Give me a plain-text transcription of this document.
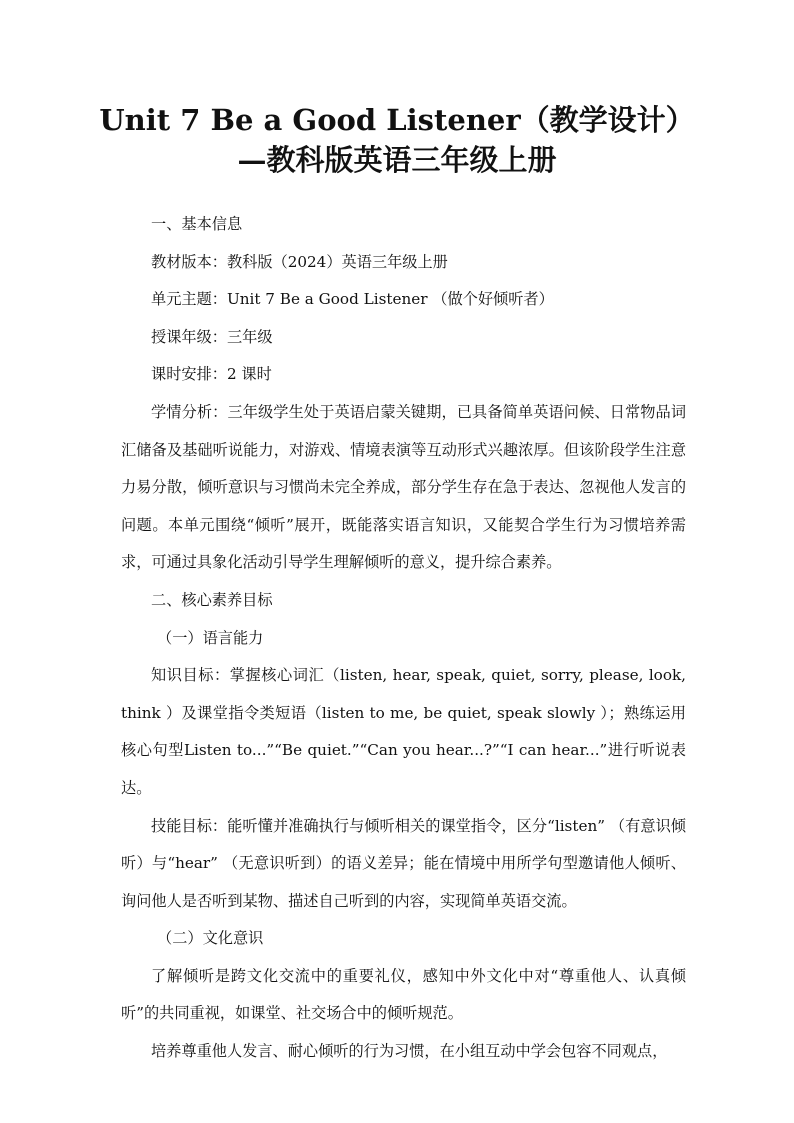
Unit 7 Be a Good Listener（教学设计）
—教科版英语三年级上册

一、基本信息

教材版本：教科版（2024）英语三年级上册

单元主题：Unit 7 Be a Good Listener （做个好倾听者）

授课年级：三年级

课时安排：2 课时

学情分析：三年级学生处于英语启蒙关键期，已具备简单英语问候、日常物品词汇储备及基础听说能力，对游戏、情境表演等互动形式兴趣浓厚。但该阶段学生注意力易分散，倾听意识与习惯尚未完全养成，部分学生存在急于表达、忽视他人发言的问题。本单元围绕“倾听”展开，既能落实语言知识，又能契合学生行为习惯培养需求，可通过具象化活动引导学生理解倾听的意义，提升综合素养。

二、核心素养目标

（一）语言能力

知识目标：掌握核心词汇（listen, hear, speak, quiet, sorry, please, look, think ）及课堂指令类短语（listen to me, be quiet, speak slowly ）；熟练运用核心句型Listen to...”“Be quiet.”“Can you hear...?”“I can hear...”进行听说表达。

技能目标：能听懂并准确执行与倾听相关的课堂指令，区分“listen” （有意识倾听）与“hear” （无意识听到）的语义差异；能在情境中用所学句型邀请他人倾听、询问他人是否听到某物、描述自己听到的内容，实现简单英语交流。

（二）文化意识

了解倾听是跨文化交流中的重要礼仪，感知中外文化中对“尊重他人、认真倾听”的共同重视，如课堂、社交场合中的倾听规范。

培养尊重他人发言、耐心倾听的行为习惯，在小组互动中学会包容不同观点，
